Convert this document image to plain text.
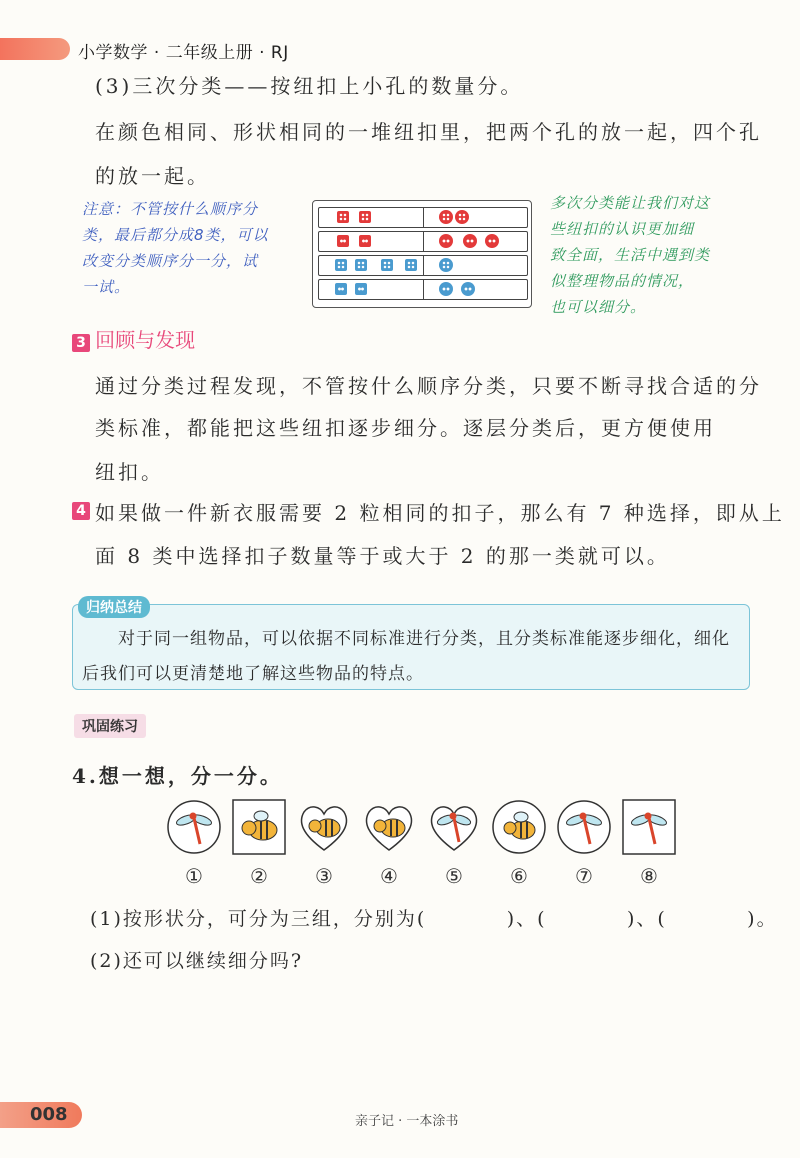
小学数学 · 二年级上册 · RJ
(3)三次分类——按纽扣上小孔的数量分。
在颜色相同、形状相同的一堆纽扣里，把两个孔的放一起，四个孔
的放一起。
注意：不管按什么顺序分
类，最后都分成8类，可以
改变分类顺序分一分，试
一试。
多次分类能让我们对这
些纽扣的认识更加细
致全面，生活中遇到类
似整理物品的情况，
也可以细分。
3 回顾与发现
通过分类过程发现，不管按什么顺序分类，只要不断寻找合适的分
类标准，都能把这些纽扣逐步细分。逐层分类后，更方便使用
纽扣。
4 如果做一件新衣服需要 2 粒相同的扣子，那么有 7 种选择，即从上
面 8 类中选择扣子数量等于或大于 2 的那一类就可以。
归纳总结
对于同一组物品，可以依据不同标准进行分类，且分类标准能逐步细化，细化
后我们可以更清楚地了解这些物品的特点。
巩固练习
4.想一想，分一分。
①	②	③	④	⑤	⑥	⑦	⑧
(1)按形状分，可分为三组，分别为(          )、(          )、(          )。
(2)还可以继续细分吗?
008	亲子记 · 一本涂书
